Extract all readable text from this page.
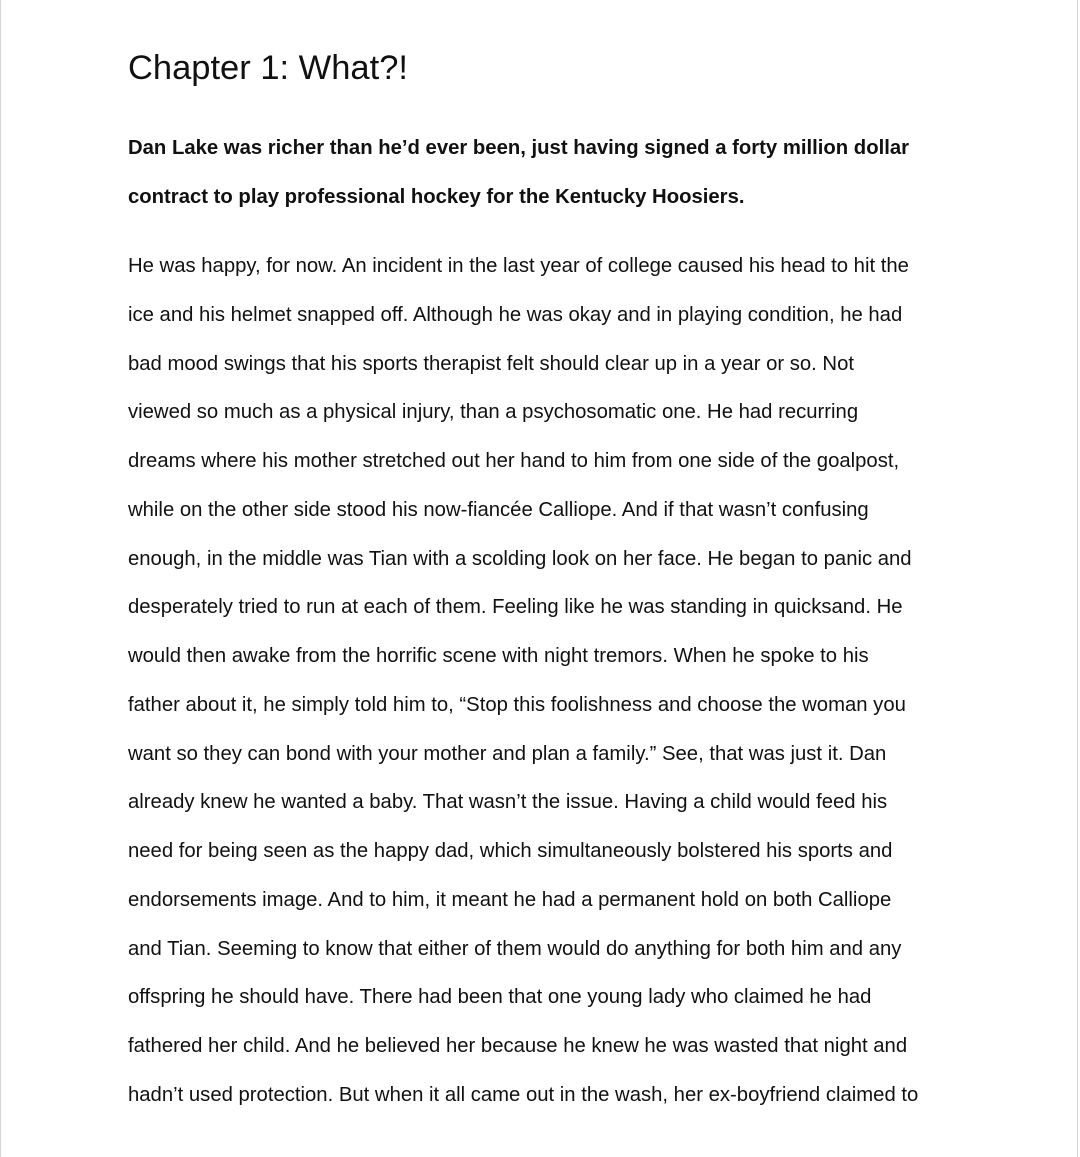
Chapter 1: What?!

Dan Lake was richer than he’d ever been, just having signed a forty million dollar
contract to play professional hockey for the Kentucky Hoosiers.

He was happy, for now. An incident in the last year of college caused his head to hit the
ice and his helmet snapped off. Although he was okay and in playing condition, he had
bad mood swings that his sports therapist felt should clear up in a year or so. Not
viewed so much as a physical injury, than a psychosomatic one. He had recurring
dreams where his mother stretched out her hand to him from one side of the goalpost,
while on the other side stood his now-fiancée Calliope. And if that wasn’t confusing
enough, in the middle was Tian with a scolding look on her face. He began to panic and
desperately tried to run at each of them. Feeling like he was standing in quicksand. He
would then awake from the horrific scene with night tremors. When he spoke to his
father about it, he simply told him to, “Stop this foolishness and choose the woman you
want so they can bond with your mother and plan a family.” See, that was just it. Dan
already knew he wanted a baby. That wasn’t the issue. Having a child would feed his
need for being seen as the happy dad, which simultaneously bolstered his sports and
endorsements image. And to him, it meant he had a permanent hold on both Calliope
and Tian. Seeming to know that either of them would do anything for both him and any
offspring he should have. There had been that one young lady who claimed he had
fathered her child. And he believed her because he knew he was wasted that night and
hadn’t used protection. But when it all came out in the wash, her ex-boyfriend claimed to
